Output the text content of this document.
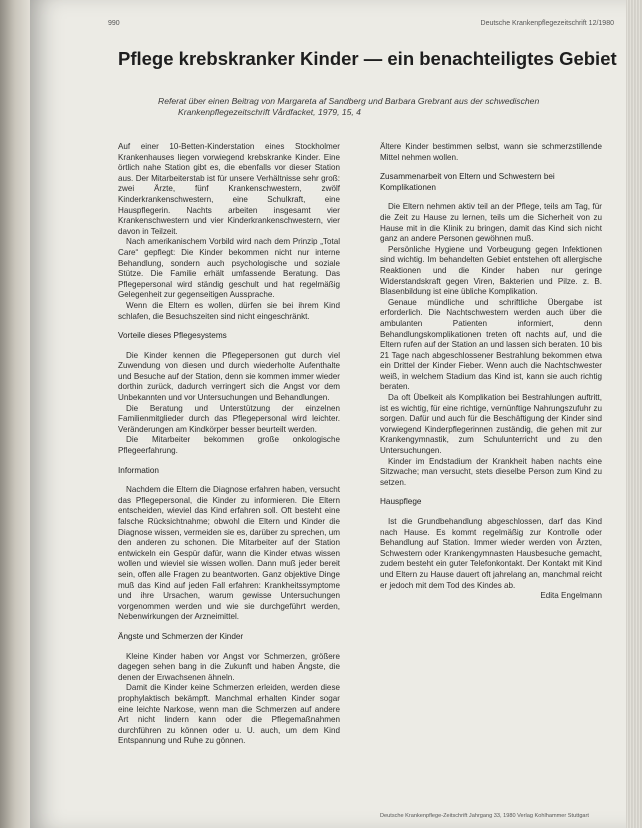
990	Deutsche Krankenpflegezeitschrift 12/1980
Pflege krebskranker Kinder — ein benachteiligtes Gebiet
Referat über einen Beitrag von Margareta af Sandberg und Barbara Grebrant aus der schwedischen
Krankenpflegezeitschrift Vårdfacket, 1979, 15, 4

Auf einer 10-Betten-Kinderstation eines Stockholmer Krankenhauses liegen vorwiegend krebskranke Kinder. Eine örtlich nahe Station gibt es, die ebenfalls vor dieser Station aus. Der Mitarbeiterstab ist für unsere Verhältnisse sehr groß: zwei Ärzte, fünf Krankenschwestern, zwölf Kinderkrankenschwestern, eine Schulkraft, eine Hauspflegerin. Nachts arbeiten insgesamt vier Krankenschwestern und vier Kinderkrankenschwestern, vier davon in Teilzeit.

Nach amerikanischem Vorbild wird nach dem Prinzip „Total Care“ gepflegt: Die Kinder bekommen nicht nur interne Behandlung, sondern auch psychologische und soziale Stütze. Die Familie erhält umfassende Beratung. Das Pflegepersonal wird ständig geschult und hat regelmäßig Gelegenheit zur gegenseitigen Aussprache.

Wenn die Eltern es wollen, dürfen sie bei ihrem Kind schlafen, die Besuchszeiten sind nicht eingeschränkt.

Vorteile dieses Pflegesystems

Die Kinder kennen die Pflegepersonen gut durch viel Zuwendung von diesen und durch wiederholte Aufenthalte und Besuche auf der Station, denn sie kommen immer wieder dorthin zurück, dadurch verringert sich die Angst vor dem Unbekannten und vor Untersuchungen und Behandlungen.

Die Beratung und Unterstützung der einzelnen Familienmitglieder durch das Pflegepersonal wird leichter. Veränderungen am Kindkörper besser beurteilt werden.

Die Mitarbeiter bekommen große onkologische Pflegeerfahrung.

Information

Nachdem die Eltern die Diagnose erfahren haben, versucht das Pflegepersonal, die Kinder zu informieren. Die Eltern entscheiden, wieviel das Kind erfahren soll. Oft besteht eine falsche Rücksichtnahme; obwohl die Eltern und Kinder die Diagnose wissen, vermeiden sie es, darüber zu sprechen, um den anderen zu schonen. Die Mitarbeiter auf der Station entwickeln ein Gespür dafür, wann die Kinder etwas wissen wollen und wieviel sie wissen wollen. Dann muß jeder bereit sein, offen alle Fragen zu beantworten. Ganz objektive Dinge muß das Kind auf jeden Fall erfahren: Krankheitssymptome und ihre Ursachen, warum gewisse Untersuchungen vorgenommen werden und wie sie durchgeführt werden, Nebenwirkungen der Arzneimittel.

Ängste und Schmerzen der Kinder

Kleine Kinder haben vor Angst vor Schmerzen, größere dagegen sehen bang in die Zukunft und haben Ängste, die denen der Erwachsenen ähneln.

Damit die Kinder keine Schmerzen erleiden, werden diese prophylaktisch bekämpft. Manchmal erhalten Kinder sogar eine leichte Narkose, wenn man die Schmerzen auf andere Art nicht lindern kann oder die Pflegemaßnahmen durchführen zu können oder u. U. auch, um dem Kind Entspannung und Ruhe zu gönnen.

Ältere Kinder bestimmen selbst, wann sie schmerzstillende Mittel nehmen wollen.

Zusammenarbeit von Eltern und Schwestern bei Komplikationen

Die Eltern nehmen aktiv teil an der Pflege, teils am Tag, für die Zeit zu Hause zu lernen, teils um die Sicherheit von zu Hause mit in die Klinik zu bringen, damit das Kind sich nicht ganz an andere Personen gewöhnen muß.

Persönliche Hygiene und Vorbeugung gegen Infektionen sind wichtig. Im behandelten Gebiet entstehen oft allergische Reaktionen und die Kinder haben nur geringe Widerstandskraft gegen Viren, Bakterien und Pilze. z. B. Blasenbildung ist eine übliche Komplikation.

Genaue mündliche und schriftliche Übergabe ist erforderlich. Die Nachtschwestern werden auch über die ambulanten Patienten informiert, denn Behandlungskomplikationen treten oft nachts auf, und die Eltern rufen auf der Station an und lassen sich beraten. 10 bis 21 Tage nach abgeschlossener Bestrahlung bekommen etwa ein Drittel der Kinder Fieber. Wenn auch die Nachtschwester weiß, in welchem Stadium das Kind ist, kann sie auch richtig beraten.

Da oft Übelkeit als Komplikation bei Bestrahlungen auftritt, ist es wichtig, für eine richtige, vernünftige Nahrungszufuhr zu sorgen. Dafür und auch für die Beschäftigung der Kinder sind vorwiegend Kinderpflegerinnen zuständig, die gehen mit zur Krankengymnastik, zum Schulunterricht und zu den Untersuchungen.

Kinder im Endstadium der Krankheit haben nachts eine Sitzwache; man versucht, stets dieselbe Person zum Kind zu setzen.

Hauspflege

Ist die Grundbehandlung abgeschlossen, darf das Kind nach Hause. Es kommt regelmäßig zur Kontrolle oder Behandlung auf Station. Immer wieder werden von Ärzten, Schwestern oder Krankengymnasten Hausbesuche gemacht, zudem besteht ein guter Telefonkontakt. Der Kontakt mit Kind und Eltern zu Hause dauert oft jahrelang an, manchmal reicht er jedoch mit dem Tod des Kindes ab.

Edita Engelmann
Deutsche Krankenpflege-Zeitschrift Jahrgang 33, 1980 Verlag Kohlhammer Stuttgart
